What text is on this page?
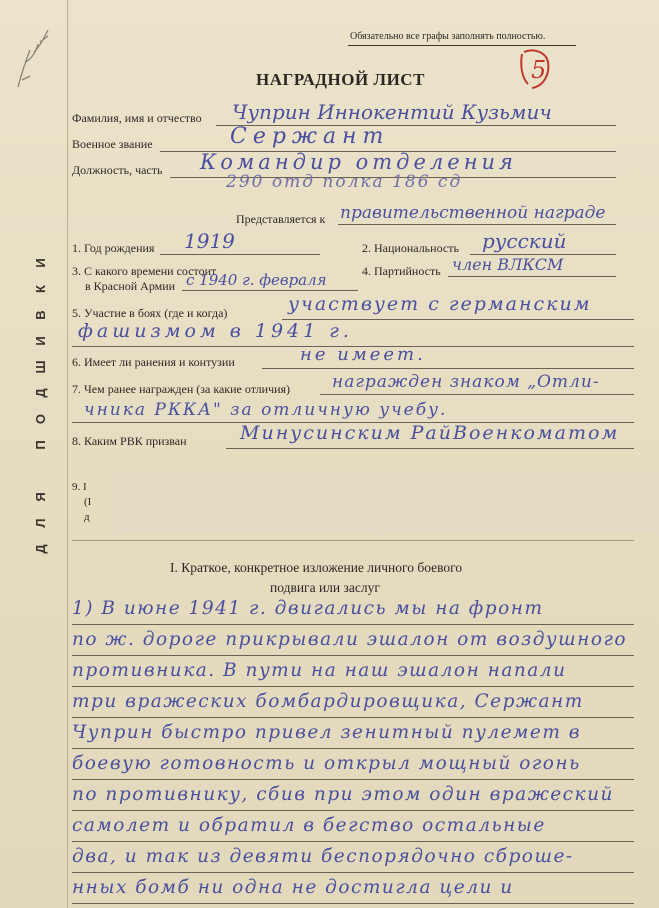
5
Обязательно все графы заполнять полностью.
НАГРАДНОЙ ЛИСТ
Фамилия, имя и отчество Чуприн Иннокентий Кузьмич
Военное звание	Сержант
Должность, часть Командир отделения
290 отд полка 186 сд
Представляется к правительственной награде
1. Год рождения 1919	2. Национальность русский
3. С какого времени состоит
в Красной Армии с 1940 г. февраля	4. Партийность член ВЛКСМ
5. Участие в боях (где и когда)	участвует с германским
фашизмом в 1941 г.
6. Имеет ли ранения и контузии	не имеет.
7. Чем ранее награжден (за какие отличия) награжден знаком „Отли-
чника РККА" за отличную учебу.
8. Каким РВК призван	Минусинским РайВоенкоматом
9. I
(I
д
I. Краткое, конкретное изложение личного боевого
подвига или заслуг
1) В июне 1941 г. двигались мы на фронт
по ж. дороге прикрывали эшалон от воздушного
противника. В пути на наш эшалон напали
три вражеских бомбардировщика, Сержант
Чуприн быстро привел зенитный пулемет в
боевую готовность и открыл мощный огонь
по противнику, сбив при этом один вражеский
самолет и обратил в бегство остальные
два, и так из девяти беспорядочно сброше-
нных бомб ни одна не достигла цели и
И
К
В
И
Ш
Д
О
П
Я
Л
Д
